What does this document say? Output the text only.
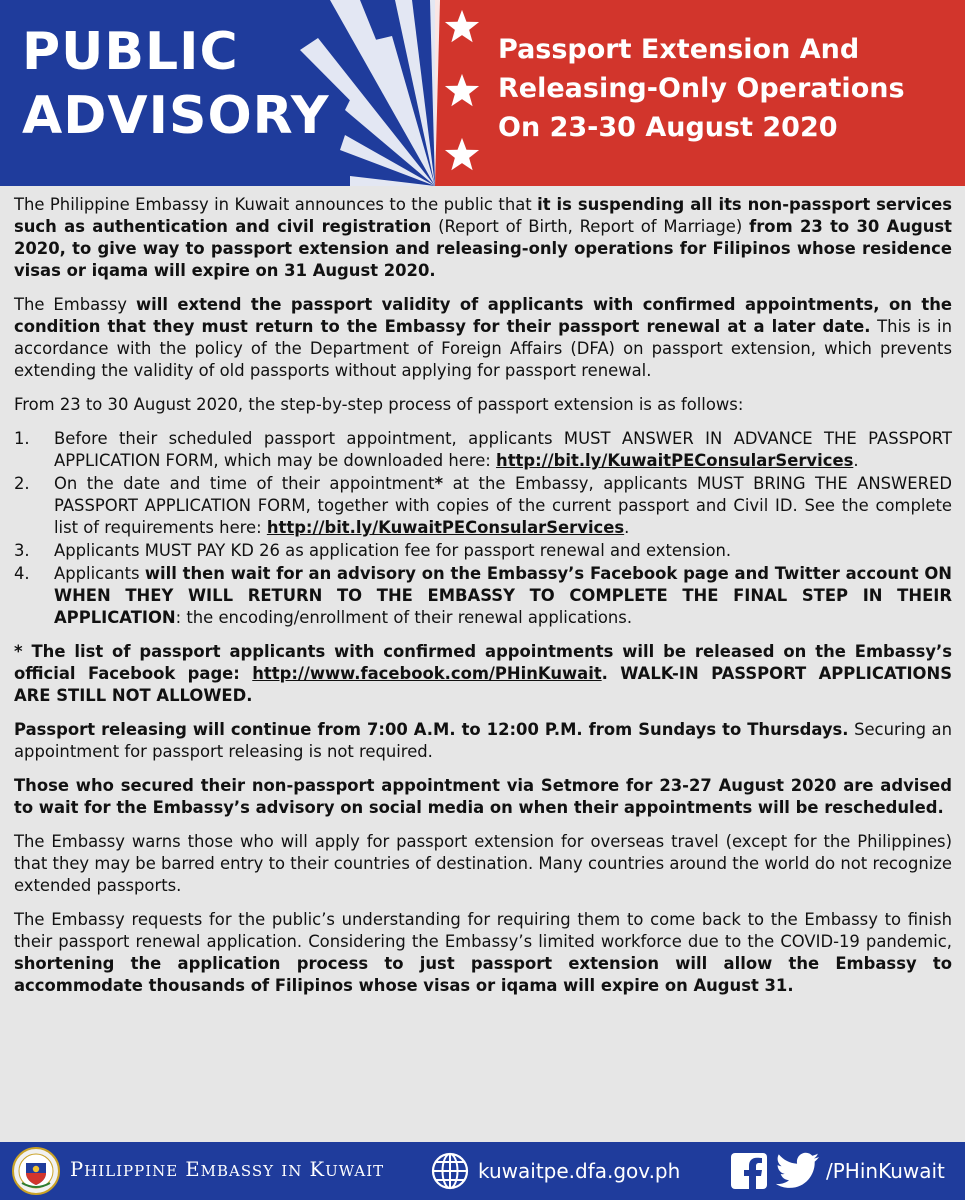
PUBLIC
ADVISORY
Passport Extension And
Releasing-Only Operations
On 23-30 August 2020

The Philippine Embassy in Kuwait announces to the public that it is suspending all its non-passport services such as authentication and civil registration (Report of Birth, Report of Marriage) from 23 to 30 August 2020, to give way to passport extension and releasing-only operations for Filipinos whose residence visas or iqama will expire on 31 August 2020.

The Embassy will extend the passport validity of applicants with confirmed appointments, on the condition that they must return to the Embassy for their passport renewal at a later date. This is in accordance with the policy of the Department of Foreign Affairs (DFA) on passport extension, which prevents extending the validity of old passports without applying for passport renewal.

From 23 to 30 August 2020, the step-by-step process of passport extension is as follows:

1. Before their scheduled passport appointment, applicants MUST ANSWER IN ADVANCE THE PASSPORT APPLICATION FORM, which may be downloaded here: http://bit.ly/KuwaitPEConsularServices.
2. On the date and time of their appointment* at the Embassy, applicants MUST BRING THE ANSWERED PASSPORT APPLICATION FORM, together with copies of the current passport and Civil ID. See the complete list of requirements here: http://bit.ly/KuwaitPEConsularServices.
3. Applicants MUST PAY KD 26 as application fee for passport renewal and extension.
4. Applicants will then wait for an advisory on the Embassy’s Facebook page and Twitter account ON WHEN THEY WILL RETURN TO THE EMBASSY TO COMPLETE THE FINAL STEP IN THEIR APPLICATION: the encoding/enrollment of their renewal applications.

* The list of passport applicants with confirmed appointments will be released on the Embassy’s official Facebook page: http://www.facebook.com/PHinKuwait. WALK-IN PASSPORT APPLICATIONS ARE STILL NOT ALLOWED.

Passport releasing will continue from 7:00 A.M. to 12:00 P.M. from Sundays to Thursdays. Securing an appointment for passport releasing is not required.

Those who secured their non-passport appointment via Setmore for 23-27 August 2020 are advised to wait for the Embassy’s advisory on social media on when their appointments will be rescheduled.

The Embassy warns those who will apply for passport extension for overseas travel (except for the Philippines) that they may be barred entry to their countries of destination. Many countries around the world do not recognize extended passports.

The Embassy requests for the public’s understanding for requiring them to come back to the Embassy to finish their passport renewal application. Considering the Embassy’s limited workforce due to the COVID-19 pandemic, shortening the application process to just passport extension will allow the Embassy to accommodate thousands of Filipinos whose visas or iqama will expire on August 31.

PHILIPPINE EMBASSY IN KUWAIT	kuwaitpe.dfa.gov.ph	/PHinKuwait
